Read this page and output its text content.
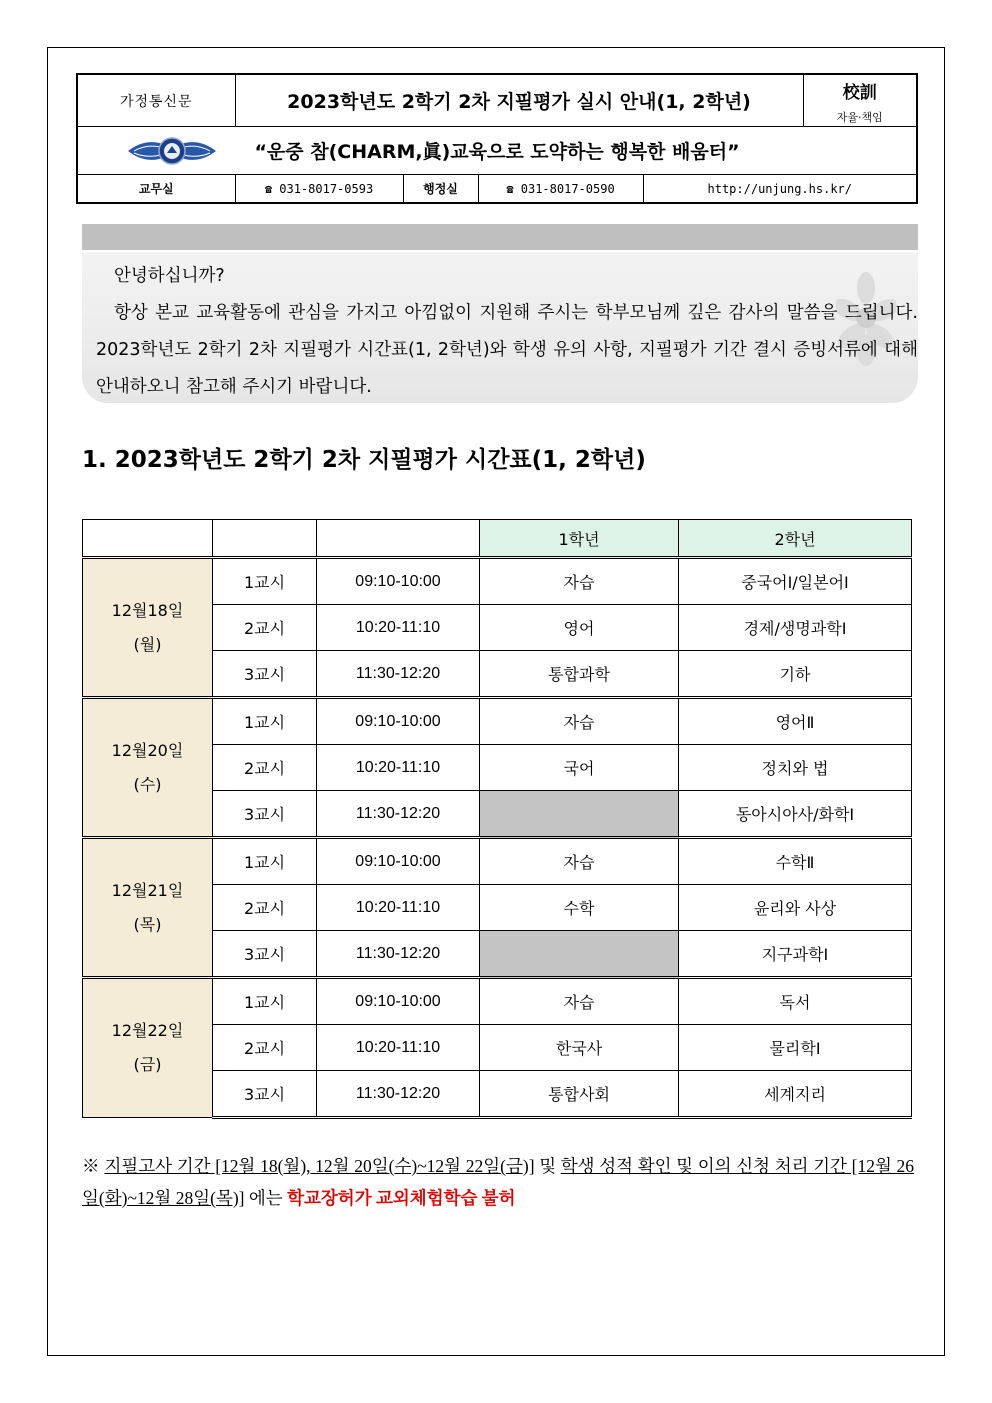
가정통신문	2023학년도 2학기 2차 지필평가 실시 안내(1, 2학년)				校訓
자율·책임

“운중 참(CHARM,眞)교육으로 도약하는 행복한 배움터”					
교무실	☎ 031-8017-0593	행정실	☎ 031-8017-0590	http://unjung.hs.kr/	

안녕하십니까?

항상 본교 교육활동에 관심을 가지고 아낌없이 지원해 주시는 학부모님께 깊은 감사의 말씀을 드립니다. 2023학년도 2학기 2차 지필평가 시간표(1, 2학년)와 학생 유의 사항, 지필평가 기간 결시 증빙서류에 대해 안내하오니 참고해 주시기 바랍니다.

1. 2023학년도 2학기 2차 지필평가 시간표(1, 2학년)
			1학년	2학년

12월18일
(월)	1교시	09:10-10:00	자습	중국어Ⅰ/일본어Ⅰ
	2교시	10:20-11:10	영어	경제/생명과학Ⅰ
	3교시	11:30-12:20	통합과학	기하

12월20일
(수)	1교시	09:10-10:00	자습	영어Ⅱ
	2교시	10:20-11:10	국어	정치와 법
	3교시	11:30-12:20		동아시아사/화학Ⅰ

12월21일
(목)	1교시	09:10-10:00	자습	수학Ⅱ
	2교시	10:20-11:10	수학	윤리와 사상
	3교시	11:30-12:20		지구과학Ⅰ

12월22일
(금)	1교시	09:10-10:00	자습	독서
	2교시	10:20-11:10	한국사	물리학Ⅰ
	3교시	11:30-12:20	통합사회	세계지리
※ 지필고사 기간 [12월 18(월), 12월 20일(수)~12월 22일(금)] 및 학생 성적 확인 및 이의 신청 처리 기간 [12월 26일(화)~12월 28일(목)] 에는 학교장허가 교외체험학습 불허
